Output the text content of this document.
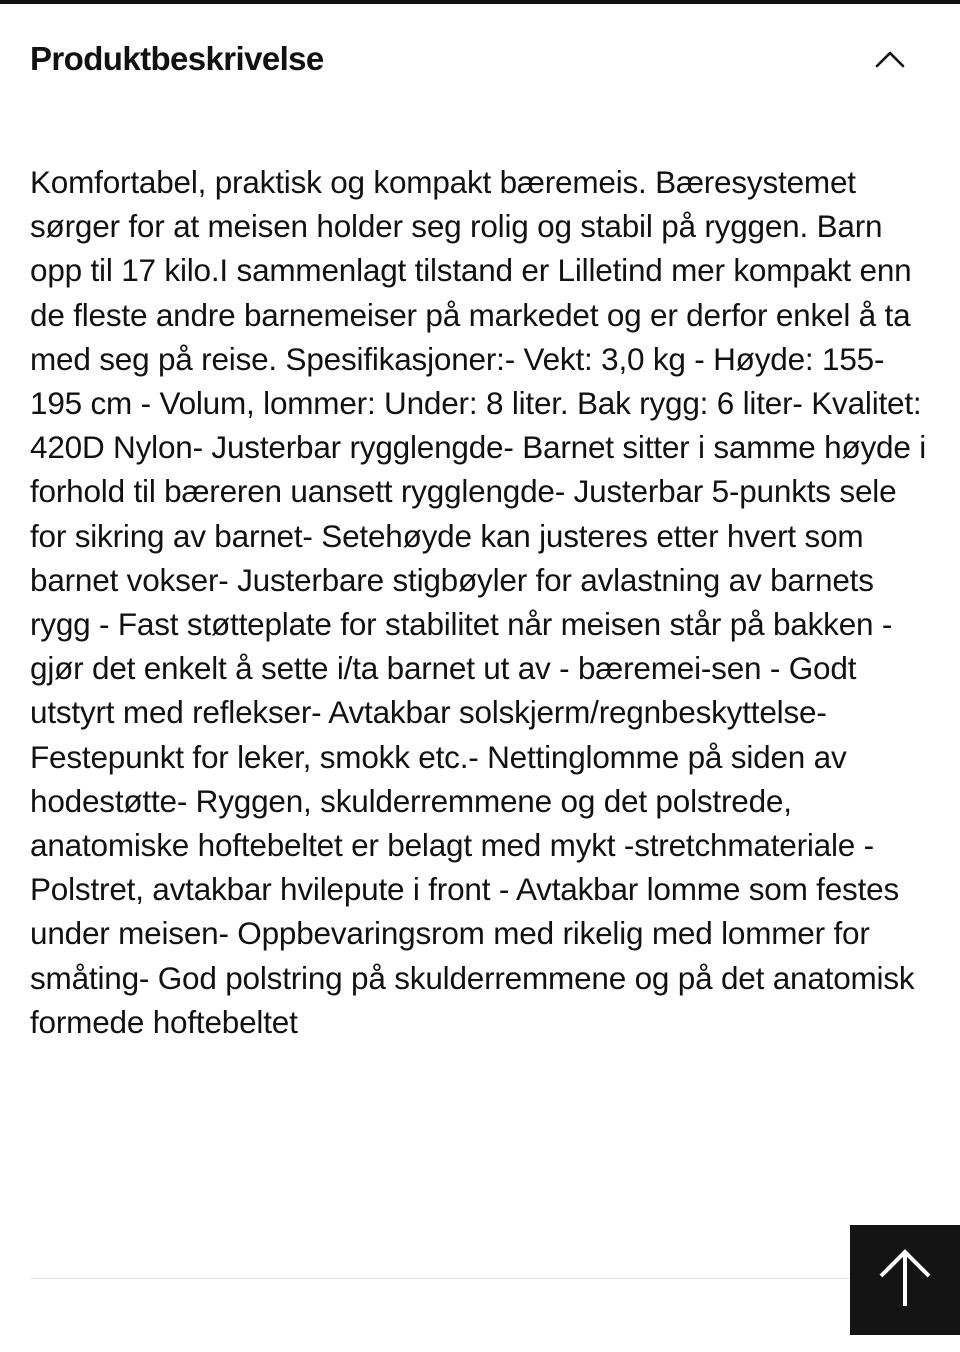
Produktbeskrivelse
Komfortabel, praktisk og kompakt bæremeis. Bæresystemet sørger for at meisen holder seg rolig og stabil på ryggen. Barn opp til 17 kilo.I sammenlagt tilstand er Lilletind mer kompakt enn de fleste andre barnemeiser på markedet og er derfor enkel å ta med seg på reise. Spesifikasjoner:- Vekt: 3,0 kg - Høyde: 155-195 cm - Volum, lommer: Under: 8 liter. Bak rygg: 6 liter- Kvalitet: 420D Nylon- Justerbar rygglengde- Barnet sitter i samme høyde i forhold til bæreren uansett rygglengde- Justerbar 5-punkts sele for sikring av barnet- Setehøyde kan justeres etter hvert som barnet vokser- Justerbare stigbøyler for avlastning av barnets rygg - Fast støtteplate for stabilitet når meisen står på bakken - gjør det enkelt å sette i/ta barnet ut av - bæremei-sen - Godt utstyrt med reflekser- Avtakbar solskjerm/regnbeskyttelse- Festepunkt for leker, smokk etc.- Nettinglomme på siden av hodestøtte- Ryggen, skulderremmene og det polstrede, anatomiske hoftebeltet er belagt med mykt -stretchmateriale - Polstret, avtakbar hvilepute i front - Avtakbar lomme som festes under meisen- Oppbevaringsrom med rikelig med lommer for småting- God polstring på skulderremmene og på det anatomisk formede hoftebeltet
